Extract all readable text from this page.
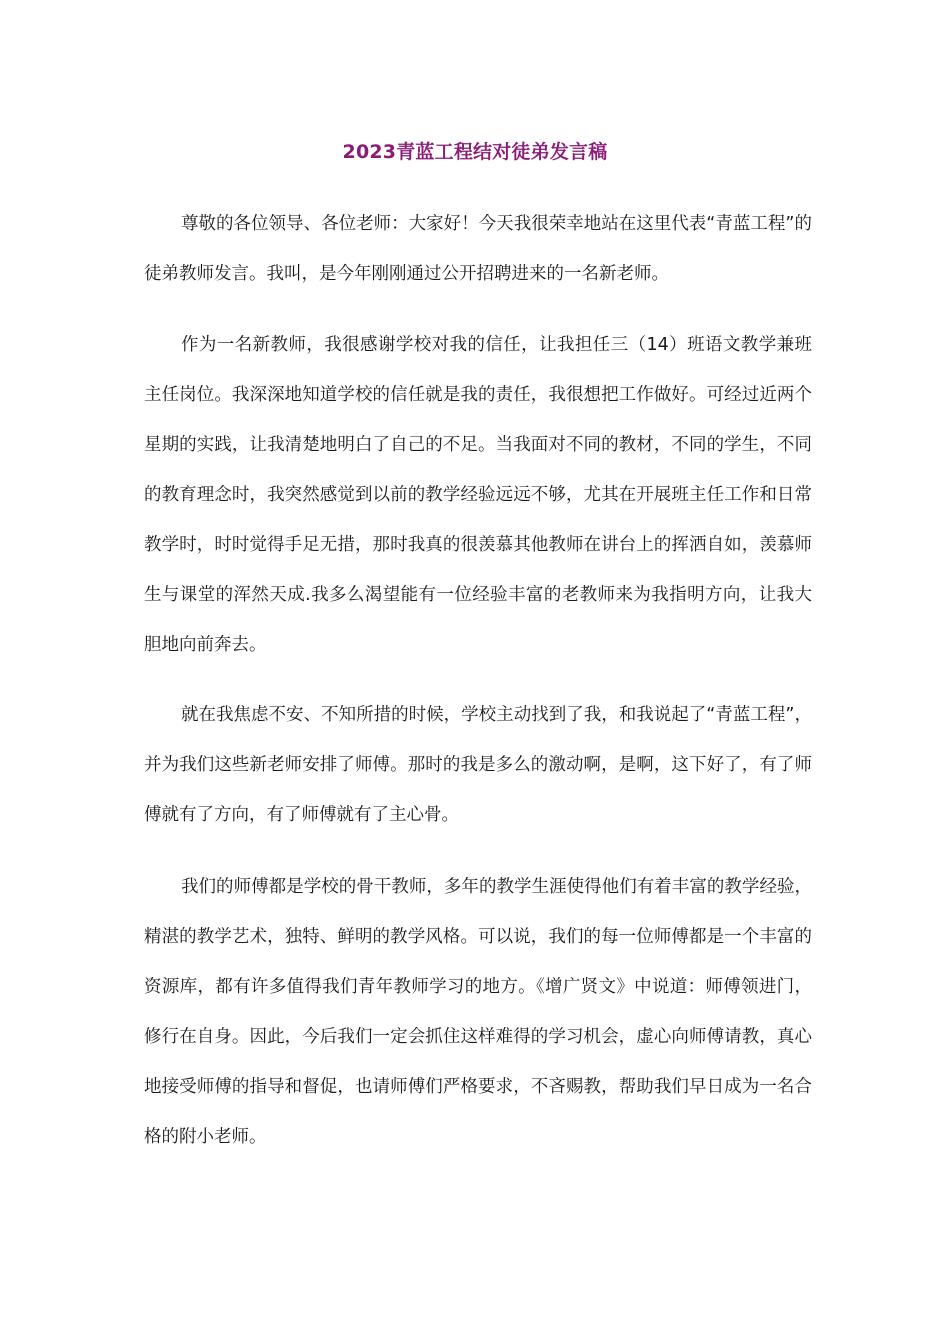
2023青蓝工程结对徒弟发言稿

尊敬的各位领导、各位老师：大家好！今天我很荣幸地站在这里代表“青蓝工程”的徒弟教师发言。我叫，是今年刚刚通过公开招聘进来的一名新老师。

作为一名新教师，我很感谢学校对我的信任，让我担任三（14）班语文教学兼班主任岗位。我深深地知道学校的信任就是我的责任，我很想把工作做好。可经过近两个星期的实践，让我清楚地明白了自己的不足。当我面对不同的教材，不同的学生，不同的教育理念时，我突然感觉到以前的教学经验远远不够，尤其在开展班主任工作和日常教学时，时时觉得手足无措，那时我真的很羡慕其他教师在讲台上的挥洒自如，羡慕师生与课堂的浑然天成.我多么渴望能有一位经验丰富的老教师来为我指明方向，让我大胆地向前奔去。

就在我焦虑不安、不知所措的时候，学校主动找到了我，和我说起了“青蓝工程”，并为我们这些新老师安排了师傅。那时的我是多么的激动啊，是啊，这下好了，有了师傅就有了方向，有了师傅就有了主心骨。

我们的师傅都是学校的骨干教师，多年的教学生涯使得他们有着丰富的教学经验，精湛的教学艺术，独特、鲜明的教学风格。可以说，我们的每一位师傅都是一个丰富的资源库，都有许多值得我们青年教师学习的地方。《增广贤文》中说道：师傅领进门，修行在自身。因此，今后我们一定会抓住这样难得的学习机会，虚心向师傅请教，真心地接受师傅的指导和督促，也请师傅们严格要求，不吝赐教，帮助我们早日成为一名合格的附小老师。
